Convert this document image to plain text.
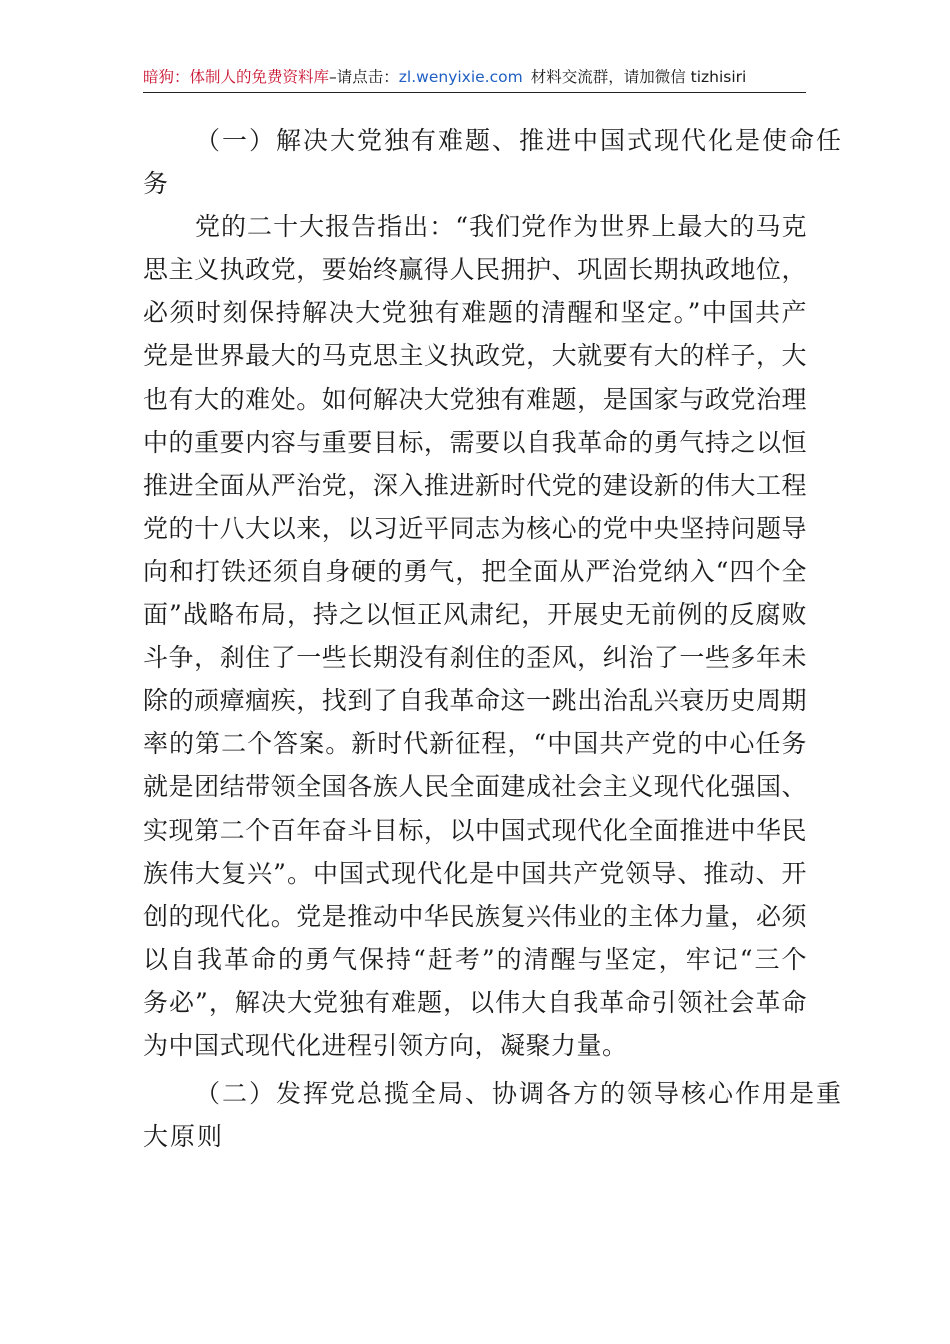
暗狗：体制人的免费资料库–请点击：zl.wenyixie.com 材料交流群，请加微信 tizhisiri
（一）解决大党独有难题、推进中国式现代化是使命任
务
党的二十大报告指出：“我们党作为世界上最大的马克
思主义执政党，要始终赢得人民拥护、巩固长期执政地位，
必须时刻保持解决大党独有难题的清醒和坚定。”中国共产
党是世界最大的马克思主义执政党，大就要有大的样子，大
也有大的难处。如何解决大党独有难题，是国家与政党治理
中的重要内容与重要目标，需要以自我革命的勇气持之以恒
推进全面从严治党，深入推进新时代党的建设新的伟大工程
党的十八大以来，以习近平同志为核心的党中央坚持问题导
向和打铁还须自身硬的勇气，把全面从严治党纳入“四个全
面”战略布局，持之以恒正风肃纪，开展史无前例的反腐败
斗争，刹住了一些长期没有刹住的歪风，纠治了一些多年未
除的顽瘴痼疾，找到了自我革命这一跳出治乱兴衰历史周期
率的第二个答案。新时代新征程，“中国共产党的中心任务
就是团结带领全国各族人民全面建成社会主义现代化强国、
实现第二个百年奋斗目标，以中国式现代化全面推进中华民
族伟大复兴”。中国式现代化是中国共产党领导、推动、开
创的现代化。党是推动中华民族复兴伟业的主体力量，必须
以自我革命的勇气保持“赶考”的清醒与坚定，牢记“三个
务必”，解决大党独有难题，以伟大自我革命引领社会革命
为中国式现代化进程引领方向，凝聚力量。
（二）发挥党总揽全局、协调各方的领导核心作用是重
大原则
